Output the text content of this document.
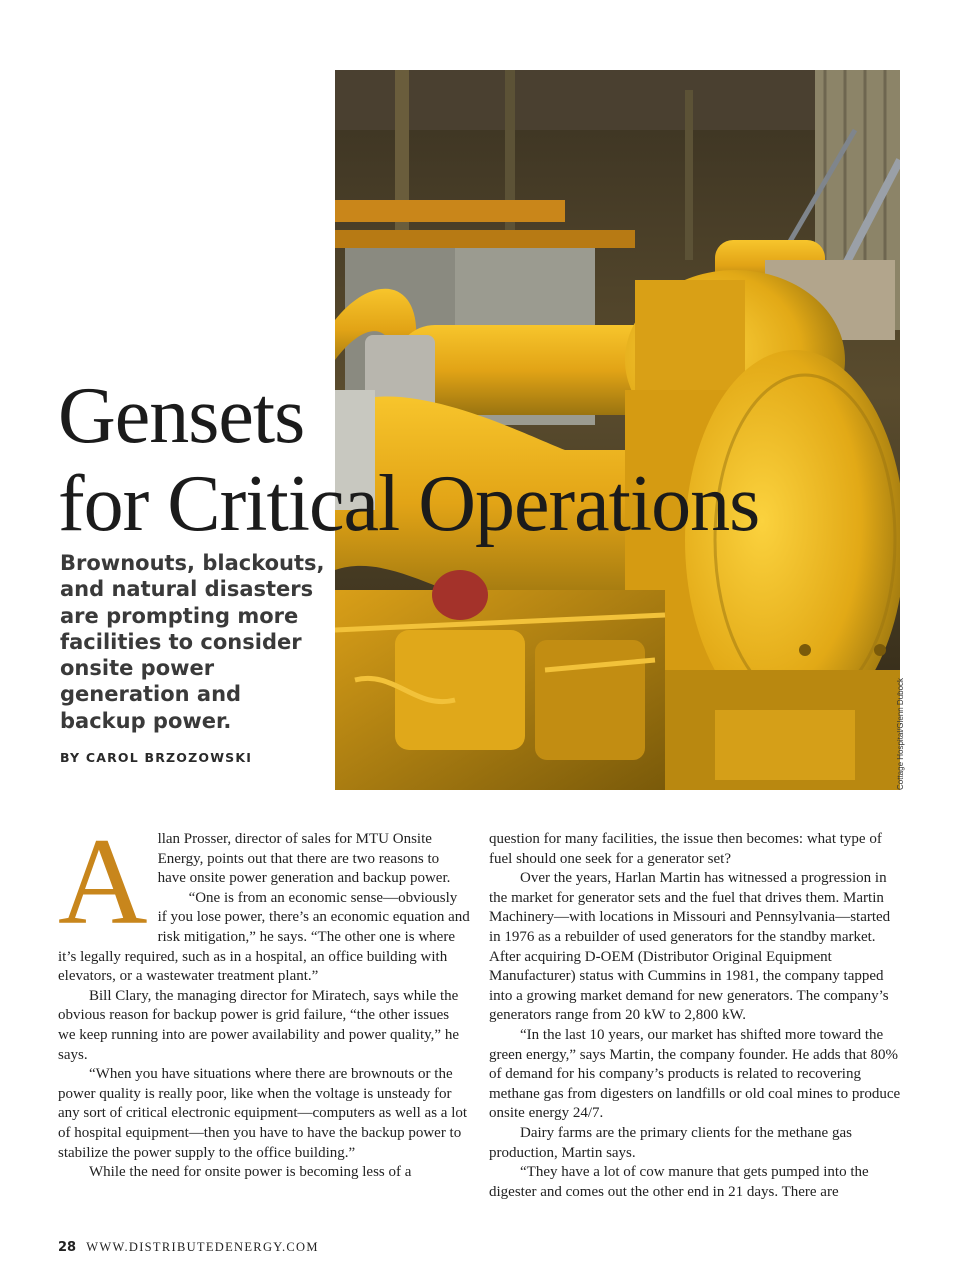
Cottage Hospital/Glenn Dubock
Gensets
for Critical Operations

Brownouts, blackouts, and natural disasters are prompting more facilities to consider onsite power generation and backup power.

BY CAROL BRZOZOWSKI

A llan Prosser, director of sales for MTU Onsite Energy, points out that there are two reasons to have onsite power generation and backup power.

“One is from an economic sense—obviously if you lose power, there’s an economic equation and risk mitigation,” he says. “The other one is where it’s legally required, such as in a hospital, an office building with elevators, or a wastewater treatment plant.”

Bill Clary, the managing director for Miratech, says while the obvious reason for backup power is grid failure, “the other issues we keep running into are power availability and power quality,” he says.

“When you have situations where there are brownouts or the power quality is really poor, like when the voltage is unsteady for any sort of critical electronic equipment—computers as well as a lot of hospital equipment—then you have to have the backup power to stabilize the power supply to the office building.”

While the need for onsite power is becoming less of a

question for many facilities, the issue then becomes: what type of fuel should one seek for a generator set?

Over the years, Harlan Martin has witnessed a progression in the market for generator sets and the fuel that drives them. Martin Machinery—with locations in Missouri and Pennsylvania—started in 1976 as a rebuilder of used generators for the standby market. After acquiring D-OEM (Distributor Original Equipment Manufacturer) status with Cummins in 1981, the company tapped into a growing market demand for new generators. The company’s generators range from 20 kW to 2,800 kW.

“In the last 10 years, our market has shifted more toward the green energy,” says Martin, the company founder. He adds that 80% of demand for his company’s products is related to recovering methane gas from digesters on landfills or old coal mines to produce onsite energy 24/7.

Dairy farms are the primary clients for the methane gas production, Martin says.

“They have a lot of cow manure that gets pumped into the digester and comes out the other end in 21 days. There are

28 WWW.DISTRIBUTEDENERGY.COM
